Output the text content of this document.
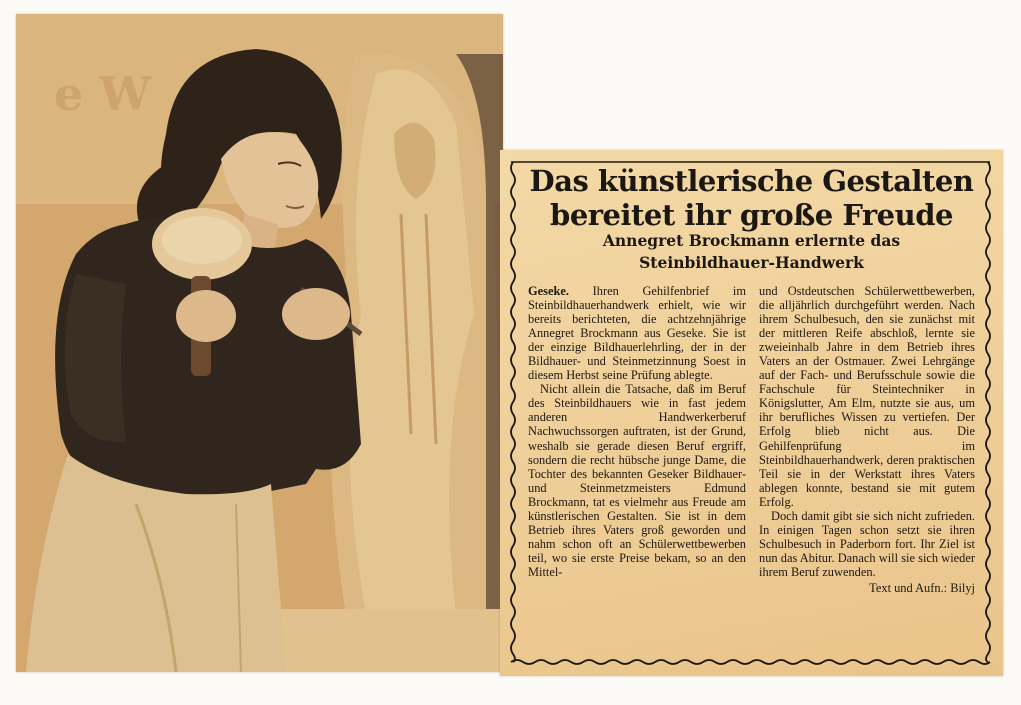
e W
Das künstlerische Gestalten
bereitet ihr große Freude
Annegret Brockmann erlernte das
Steinbildhauer-Handwerk

Geseke. Ihren Gehilfenbrief im Steinbildhauerhandwerk erhielt, wie wir bereits berichteten, die achtzehnjährige Annegret Brockmann aus Geseke. Sie ist der einzige Bildhauerlehrling, der in der Bildhauer- und Steinmetzinnung Soest in diesem Herbst seine Prüfung ablegte.

Nicht allein die Tatsache, daß im Beruf des Steinbildhauers wie in fast jedem anderen Handwerkerberuf Nachwuchssorgen auftraten, ist der Grund, weshalb sie gerade diesen Beruf ergriff, sondern die recht hübsche junge Dame, die Tochter des bekannten Geseker Bildhauer- und Steinmetzmeisters Edmund Brockmann, tat es vielmehr aus Freude am künstlerischen Gestalten. Sie ist in dem Betrieb ihres Vaters groß geworden und nahm schon oft an Schülerwettbewerben teil, wo sie erste Preise bekam, so an den Mittel-

und Ostdeutschen Schülerwettbewerben, die alljährlich durchgeführt werden. Nach ihrem Schulbesuch, den sie zunächst mit der mittleren Reife abschloß, lernte sie zweieinhalb Jahre in dem Betrieb ihres Vaters an der Ostmauer. Zwei Lehrgänge auf der Fach- und Berufsschule sowie die Fachschule für Steintechniker in Königslutter, Am Elm, nutzte sie aus, um ihr berufliches Wissen zu vertiefen. Der Erfolg blieb nicht aus. Die Gehilfenprüfung im Steinbildhauerhandwerk, deren praktischen Teil sie in der Werkstatt ihres Vaters ablegen konnte, bestand sie mit gutem Erfolg.

Doch damit gibt sie sich nicht zufrieden. In einigen Tagen schon setzt sie ihren Schulbesuch in Paderborn fort. Ihr Ziel ist nun das Abitur. Danach will sie sich wieder ihrem Beruf zuwenden.

Text und Aufn.: Bilyj
